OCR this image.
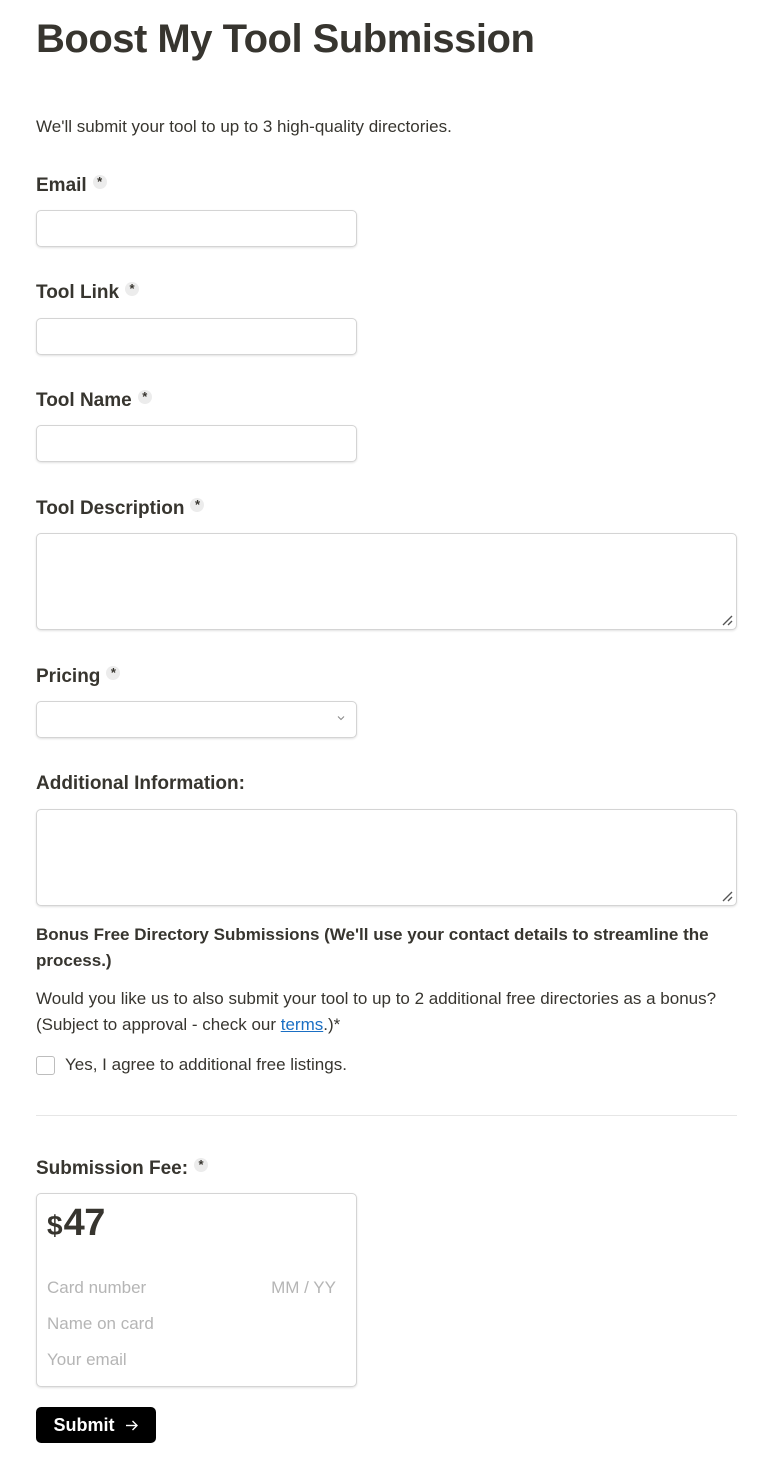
Boost My Tool Submission
We'll submit your tool to up to 3 high-quality directories.
Email *
Tool Link *
Tool Name *
Tool Description *
Pricing *
Additional Information:
Bonus Free Directory Submissions (We'll use your contact details to streamline the process.)
Would you like us to also submit your tool to up to 2 additional free directories as a bonus? (Subject to approval - check our terms.)*
Yes, I agree to additional free listings.
Submission Fee: *
$ 47
Card number	MM / YY
Name on card
Your email
Submit
